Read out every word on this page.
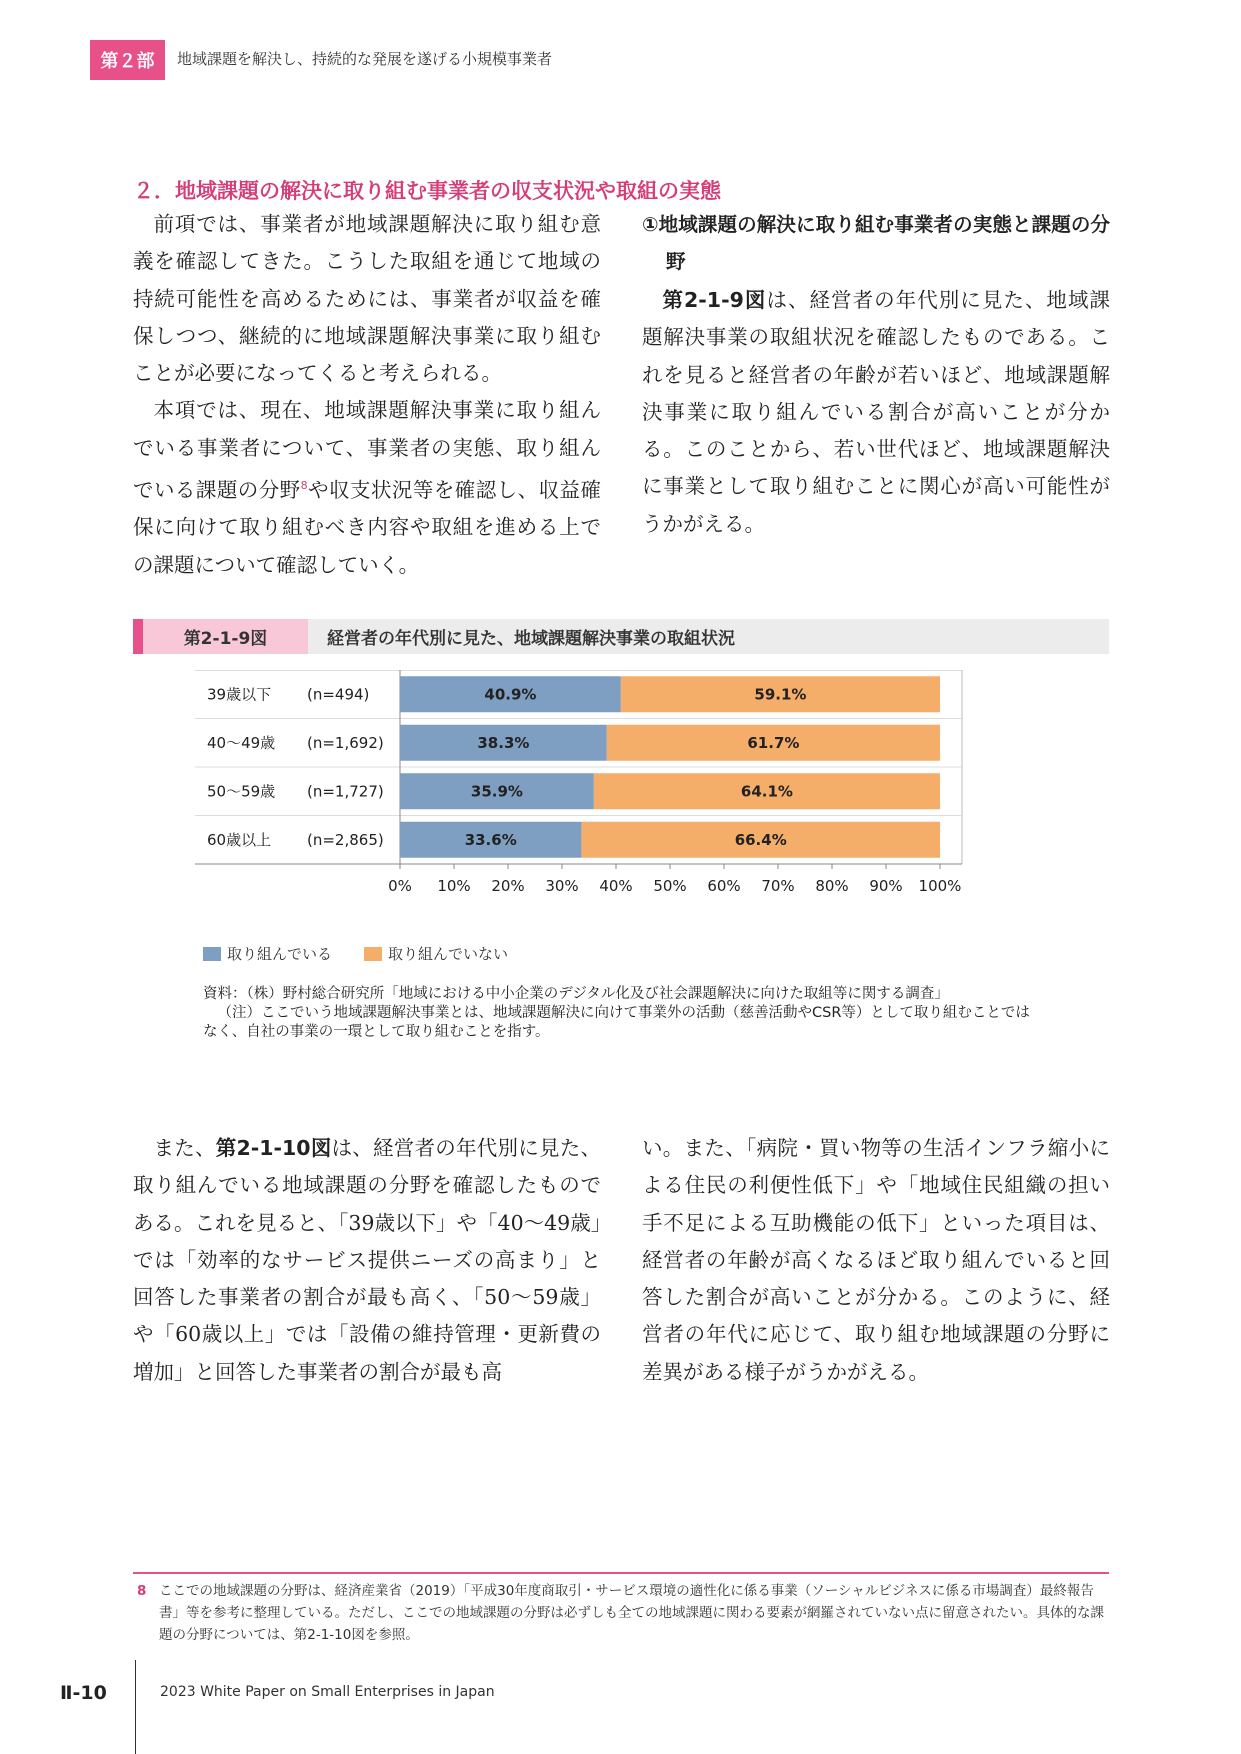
第２部	地域課題を解決し、持続的な発展を遂げる小規模事業者
２．地域課題の解決に取り組む事業者の収支状況や取組の実態

前項では、事業者が地域課題解決に取り組む意義を確認してきた。こうした取組を通じて地域の持続可能性を高めるためには、事業者が収益を確保しつつ、継続的に地域課題解決事業に取り組むことが必要になってくると考えられる。

本項では、現在、地域課題解決事業に取り組んでいる事業者について、事業者の実態、取り組んでいる課題の分野$^8$や収支状況等を確認し、収益確保に向けて取り組むべき内容や取組を進める上での課題について確認していく。

①地域課題の解決に取り組む事業者の実態と課題の分野

第2-1-9図は、経営者の年代別に見た、地域課題解決事業の取組状況を確認したものである。これを見ると経営者の年齢が若いほど、地域課題解決事業に取り組んでいる割合が高いことが分かる。このことから、若い世代ほど、地域課題解決に事業として取り組むことに関心が高い可能性がうかがえる。

第2-1-9図	経営者の年代別に見た、地域課題解決事業の取組状況
39歳以下 (n=494)	40.9%	59.1%
40～49歳 (n=1,692)	38.3%	61.7%
50～59歳 (n=1,727)	35.9%	64.1%
60歳以上 (n=2,865)	33.6%	66.4%
0% 10% 20% 30% 40% 50% 60% 70% 80% 90% 100%
取り組んでいる	取り組んでいない

資料：（株）野村総合研究所「地域における中小企業のデジタル化及び社会課題解決に向けた取組等に関する調査」

（注）ここでいう地域課題解決事業とは、地域課題解決に向けて事業外の活動（慈善活動やCSR等）として取り組むことでは

なく、自社の事業の一環として取り組むことを指す。

また、第2-1-10図は、経営者の年代別に見た、取り組んでいる地域課題の分野を確認したものである。これを見ると、「39歳以下」や「40～49歳」では「効率的なサービス提供ニーズの高まり」と回答した事業者の割合が最も高く、「50～59歳」や「60歳以上」では「設備の維持管理・更新費の増加」と回答した事業者の割合が最も高

い。また、「病院・買い物等の生活インフラ縮小による住民の利便性低下」や「地域住民組織の担い手不足による互助機能の低下」といった項目は、経営者の年齢が高くなるほど取り組んでいると回答した割合が高いことが分かる。このように、経営者の年代に応じて、取り組む地域課題の分野に差異がある様子がうかがえる。

8 ここでの地域課題の分野は、経済産業省（2019）「平成30年度商取引・サービス環境の適性化に係る事業（ソーシャルビジネスに係る市場調査）最終報告書」等を参考に整理している。ただし、ここでの地域課題の分野は必ずしも全ての地域課題に関わる要素が網羅されていない点に留意されたい。具体的な課題の分野については、第2-1-10図を参照。
Ⅱ-10	2023 White Paper on Small Enterprises in Japan
